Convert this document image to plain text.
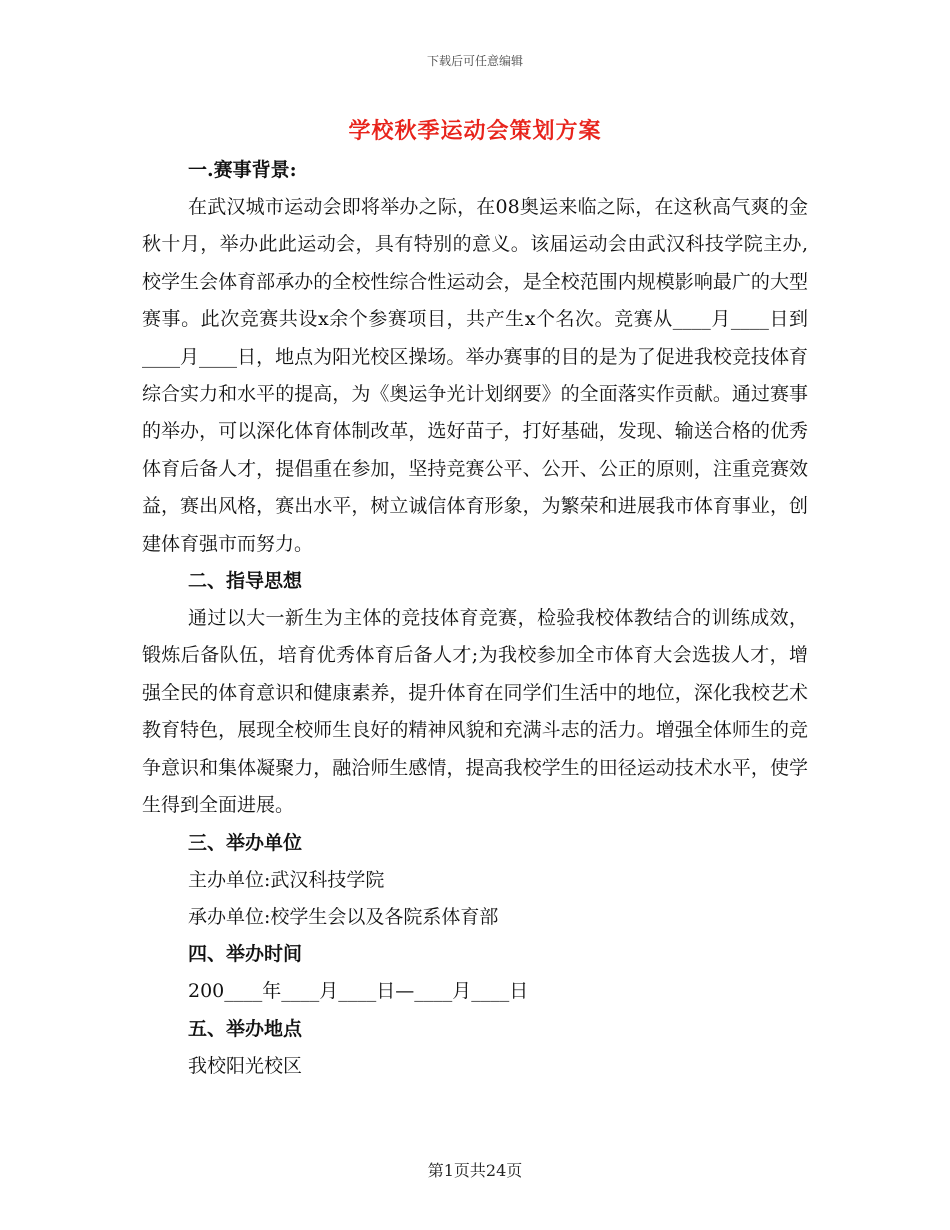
下载后可任意编辑
学校秋季运动会策划方案

一.赛事背景:

在武汉城市运动会即将举办之际，在08奥运来临之际，在这秋高气爽的金秋十月，举办此此运动会，具有特别的意义。该届运动会由武汉科技学院主办,校学生会体育部承办的全校性综合性运动会，是全校范围内规模影响最广的大型赛事。此次竞赛共设x余个参赛项目，共产生x个名次。竞赛从____月____日到____月____日，地点为阳光校区操场。举办赛事的目的是为了促进我校竞技体育综合实力和水平的提高，为《奥运争光计划纲要》的全面落实作贡献。通过赛事的举办，可以深化体育体制改革，选好苗子，打好基础，发现、输送合格的优秀体育后备人才，提倡重在参加，坚持竞赛公平、公开、公正的原则，注重竞赛效益，赛出风格，赛出水平，树立诚信体育形象，为繁荣和进展我市体育事业，创建体育强市而努力。

二、指导思想

通过以大一新生为主体的竞技体育竞赛，检验我校体教结合的训练成效，锻炼后备队伍，培育优秀体育后备人才;为我校参加全市体育大会选拔人才，增强全民的体育意识和健康素养，提升体育在同学们生活中的地位，深化我校艺术教育特色，展现全校师生良好的精神风貌和充满斗志的活力。增强全体师生的竞争意识和集体凝聚力，融洽师生感情，提高我校学生的田径运动技术水平，使学生得到全面进展。

三、举办单位

主办单位:武汉科技学院

承办单位:校学生会以及各院系体育部

四、举办时间

200____年____月____日—____月____日

五、举办地点

我校阳光校区

第1页共24页
